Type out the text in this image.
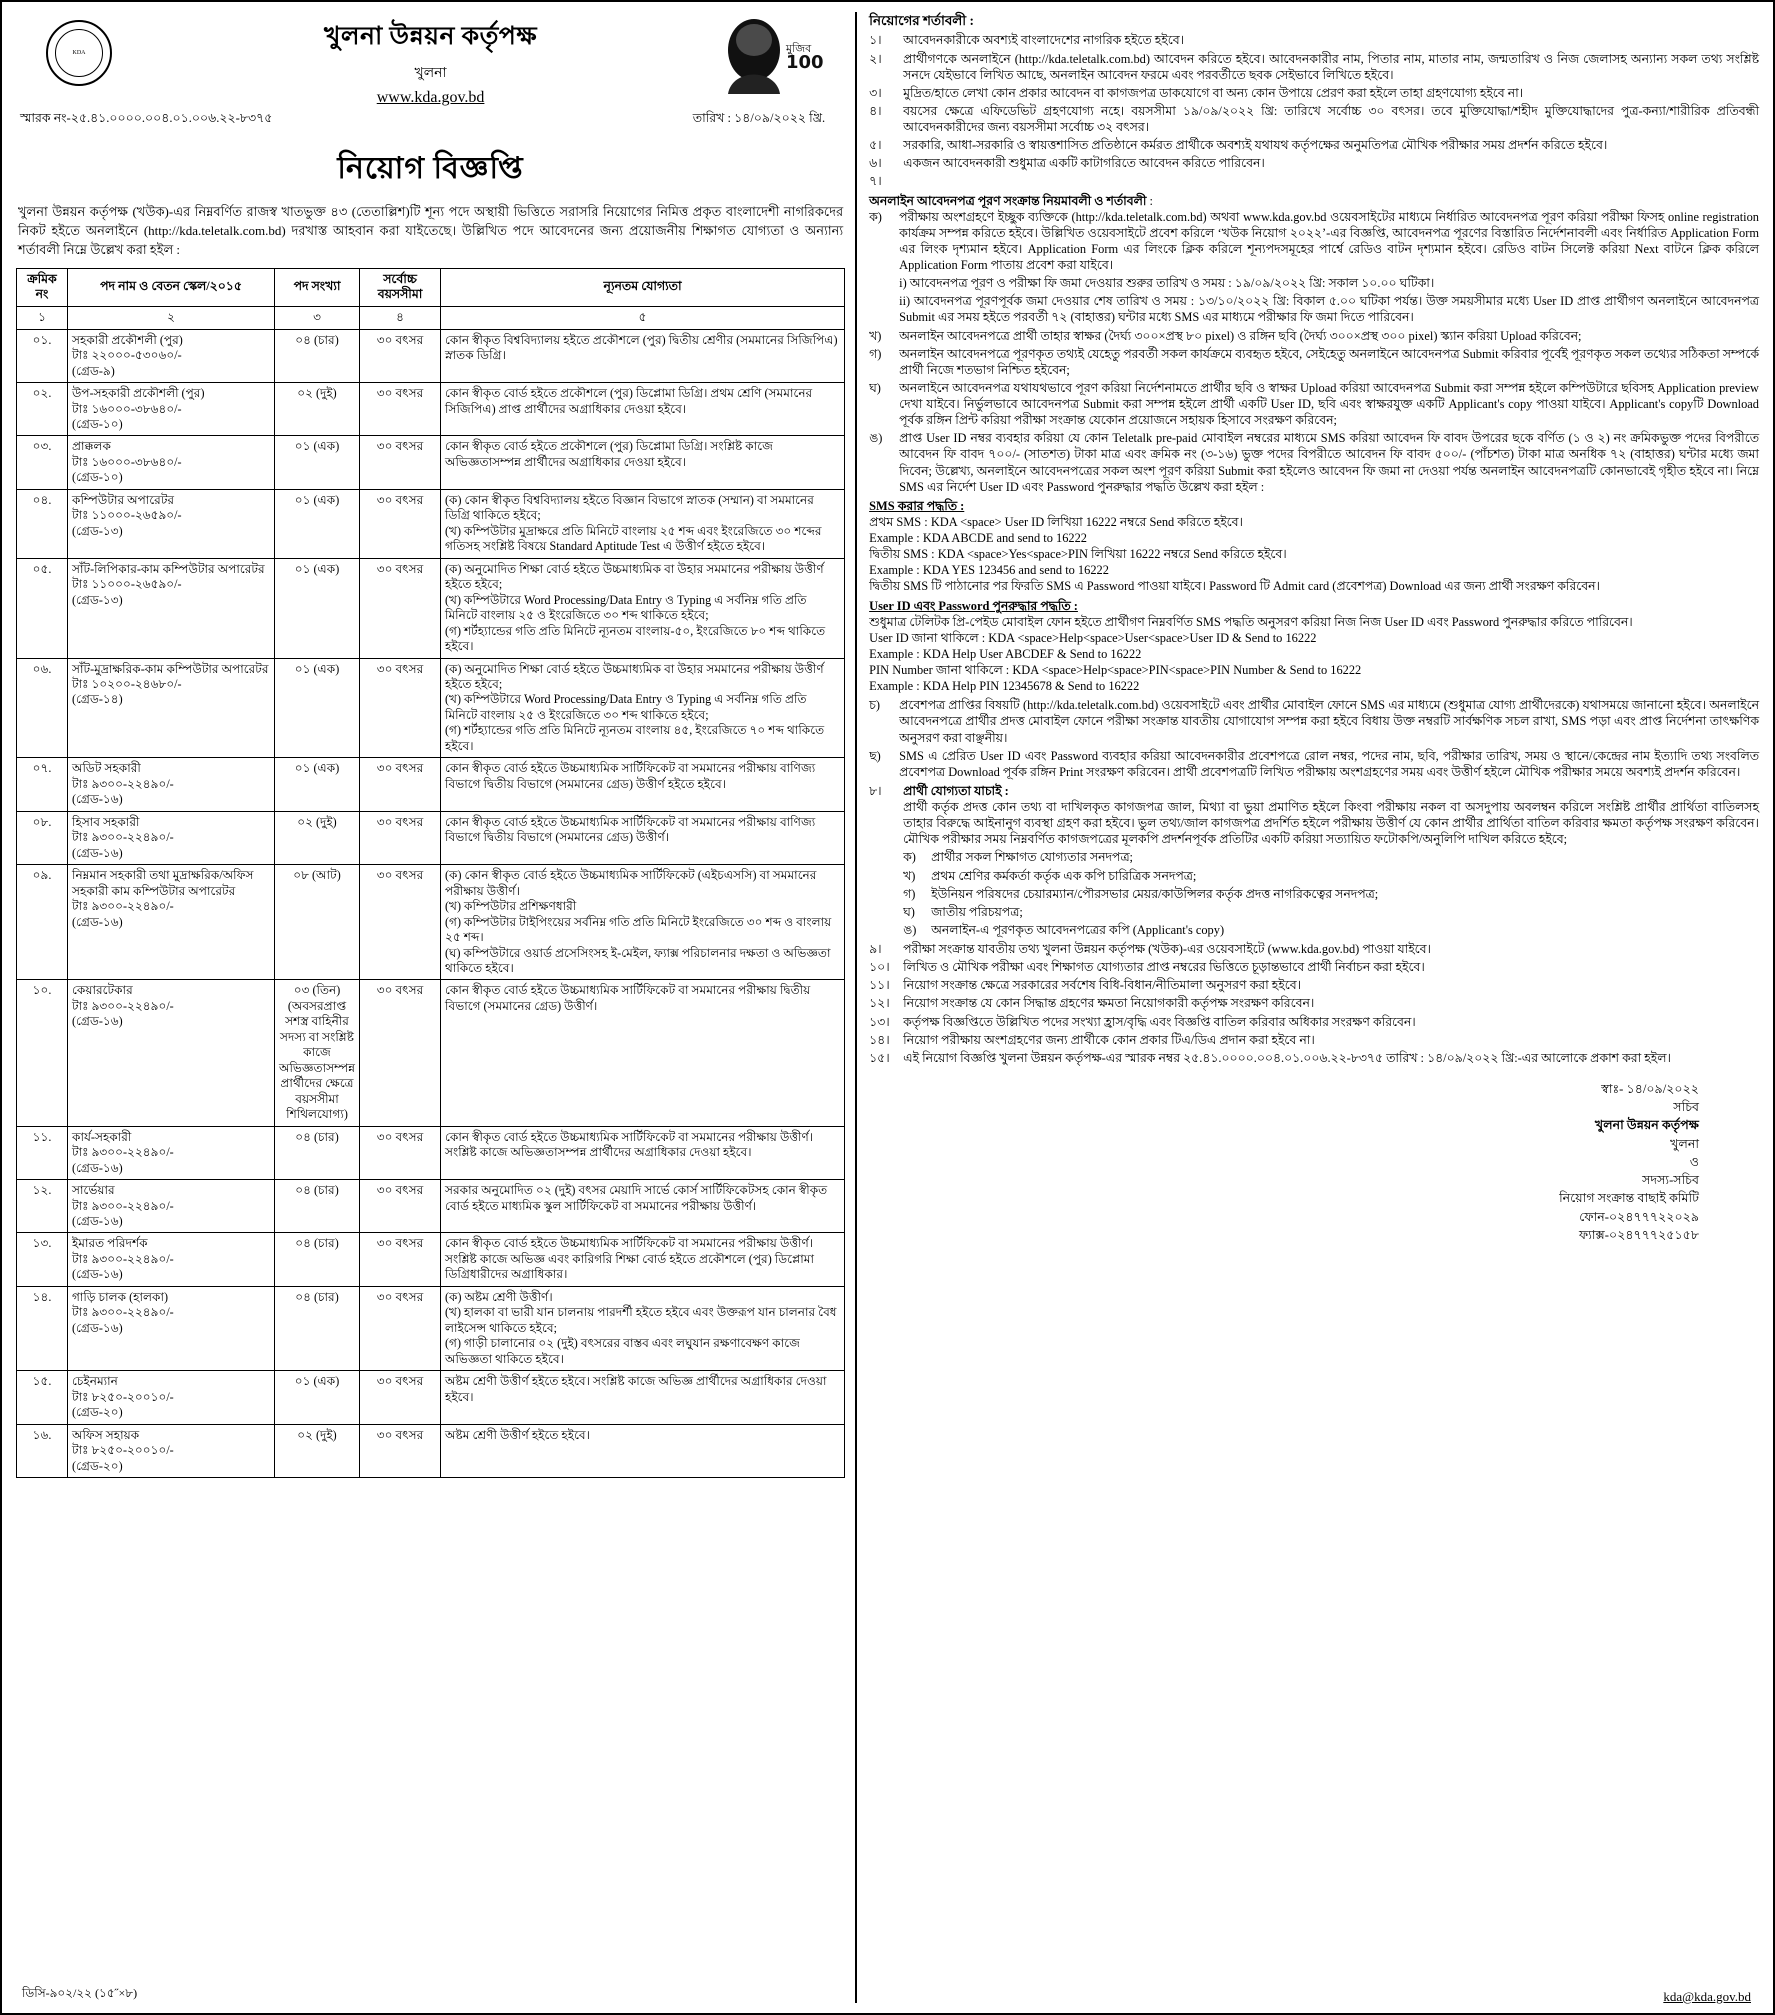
KDA
খুলনা উন্নয়ন কর্তৃপক্ষ
খুলনা
www.kda.gov.bd
মুজিব
100
স্মারক নং-২৫.৪১.০০০০.০০৪.০১.০০৬.২২-৮৩৭৫	তারিখ : ১৪/০৯/২০২২ খ্রি.
নিয়োগ বিজ্ঞপ্তি
খুলনা উন্নয়ন কর্তৃপক্ষ (খউক)-এর নিম্নবর্ণিত রাজস্ব খাতভুক্ত ৪৩ (তেতাল্লিশ)টি শূন্য পদে অস্থায়ী ভিত্তিতে সরাসরি নিয়োগের নিমিত্ত প্রকৃত বাংলাদেশী নাগরিকদের নিকট হইতে অনলাইনে (http://kda.teletalk.com.bd) দরখাস্ত আহবান করা যাইতেছে। উল্লিখিত পদে আবেদনের জন্য প্রয়োজনীয় শিক্ষাগত যোগ্যতা ও অন্যান্য শর্তাবলী নিম্নে উল্লেখ করা হইল :
ক্রমিক নং	পদ নাম ও বেতন স্কেল/২০১৫	পদ সংখ্যা	সর্বোচ্চ বয়সসীমা	ন্যূনতম যোগ্যতা
১	২	৩	৪	৫
০১.	সহকারী প্রকৌশলী (পুর)
টাঃ ২২০০০-৫৩০৬০/-
(গ্রেড-৯)	০৪ (চার)	৩০ বৎসর	কোন স্বীকৃত বিশ্ববিদ্যালয় হইতে প্রকৌশলে (পুর) দ্বিতীয় শ্রেণীর (সমমানের সিজিপিএ) স্নাতক ডিগ্রি।
০২.	উপ-সহকারী প্রকৌশলী (পুর)
টাঃ ১৬০০০-৩৮৬৪০/-
(গ্রেড-১০)	০২ (দুই)	৩০ বৎসর	কোন স্বীকৃত বোর্ড হইতে প্রকৌশলে (পুর) ডিপ্লোমা ডিগ্রি। প্রথম শ্রেণি (সমমানের সিজিপিএ) প্রাপ্ত প্রার্থীদের অগ্রাধিকার দেওয়া হইবে।
০৩.	প্রাক্কলক
টাঃ ১৬০০০-৩৮৬৪০/-
(গ্রেড-১০)	০১ (এক)	৩০ বৎসর	কোন স্বীকৃত বোর্ড হইতে প্রকৌশলে (পুর) ডিপ্লোমা ডিগ্রি। সংশ্লিষ্ট কাজে অভিজ্ঞতাসম্পন্ন প্রার্থীদের অগ্রাধিকার দেওয়া হইবে।
০৪.	কম্পিউটার অপারেটর
টাঃ ১১০০০-২৬৫৯০/-
(গ্রেড-১৩)	০১ (এক)	৩০ বৎসর	(ক) কোন স্বীকৃত বিশ্ববিদ্যালয় হইতে বিজ্ঞান বিভাগে স্নাতক (সম্মান) বা সমমানের ডিগ্রি থাকিতে হইবে;
(খ) কম্পিউটার মুদ্রাক্ষরে প্রতি মিনিটে বাংলায় ২৫ শব্দ এবং ইংরেজিতে ৩০ শব্দের গতিসহ সংশ্লিষ্ট বিষয়ে Standard Aptitude Test এ উত্তীর্ণ হইতে হইবে।
০৫.	সাঁট-লিপিকার-কাম কম্পিউটার অপারেটর
টাঃ ১১০০০-২৬৫৯০/-
(গ্রেড-১৩)	০১ (এক)	৩০ বৎসর	(ক) অনুমোদিত শিক্ষা বোর্ড হইতে উচ্চমাধ্যমিক বা উহার সমমানের পরীক্ষায় উত্তীর্ণ হইতে হইবে;
(খ) কম্পিউটারে Word Processing/Data Entry ও Typing এ সর্বনিম্ন গতি প্রতি মিনিটে বাংলায় ২৫ ও ইংরেজিতে ৩০ শব্দ থাকিতে হইবে;
(গ) শর্টহ্যান্ডের গতি প্রতি মিনিটে ন্যূনতম বাংলায়-৫০, ইংরেজিতে ৮০ শব্দ থাকিতে হইবে।
০৬.	সাঁট-মুদ্রাক্ষরিক-কাম কম্পিউটার অপারেটর
টাঃ ১০২০০-২৪৬৮০/-
(গ্রেড-১৪)	০১ (এক)	৩০ বৎসর	(ক) অনুমোদিত শিক্ষা বোর্ড হইতে উচ্চমাধ্যমিক বা উহার সমমানের পরীক্ষায় উত্তীর্ণ হইতে হইবে;
(খ) কম্পিউটারে Word Processing/Data Entry ও Typing এ সর্বনিম্ন গতি প্রতি মিনিটে বাংলায় ২৫ ও ইংরেজিতে ৩০ শব্দ থাকিতে হইবে;
(গ) শর্টহ্যান্ডের গতি প্রতি মিনিটে ন্যূনতম বাংলায় ৪৫, ইংরেজিতে ৭০ শব্দ থাকিতে হইবে।
০৭.	অডিট সহকারী
টাঃ ৯৩০০-২২৪৯০/-
(গ্রেড-১৬)	০১ (এক)	৩০ বৎসর	কোন স্বীকৃত বোর্ড হইতে উচ্চমাধ্যমিক সার্টিফিকেট বা সমমানের পরীক্ষায় বাণিজ্য বিভাগে দ্বিতীয় বিভাগে (সমমানের গ্রেড) উত্তীর্ণ হইতে হইবে।
০৮.	হিসাব সহকারী
টাঃ ৯৩০০-২২৪৯০/-
(গ্রেড-১৬)	০২ (দুই)	৩০ বৎসর	কোন স্বীকৃত বোর্ড হইতে উচ্চমাধ্যমিক সার্টিফিকেট বা সমমানের পরীক্ষায় বাণিজ্য বিভাগে দ্বিতীয় বিভাগে (সমমানের গ্রেড) উত্তীর্ণ।
০৯.	নিম্নমান সহকারী তথা মুদ্রাক্ষরিক/অফিস সহকারী কাম কম্পিউটার অপারেটর
টাঃ ৯৩০০-২২৪৯০/-
(গ্রেড-১৬)	০৮ (আট)	৩০ বৎসর	(ক) কোন স্বীকৃত বোর্ড হইতে উচ্চমাধ্যমিক সার্টিফিকেট (এইচএসসি) বা সমমানের পরীক্ষায় উত্তীর্ণ।
(খ) কম্পিউটার প্রশিক্ষণধারী
(গ) কম্পিউটার টাইপিংয়ের সর্বনিম্ন গতি প্রতি মিনিটে ইংরেজিতে ৩০ শব্দ ও বাংলায় ২৫ শব্দ।
(ঘ) কম্পিউটারে ওয়ার্ড প্রসেসিংসহ ই-মেইল, ফ্যাক্স পরিচালনার দক্ষতা ও অভিজ্ঞতা থাকিতে হইবে।
১০.	কেয়ারটেকার
টাঃ ৯৩০০-২২৪৯০/-
(গ্রেড-১৬)	০৩ (তিন)
(অবসরপ্রাপ্ত সশস্ত্র বাহিনীর সদস্য বা সংশ্লিষ্ট কাজে অভিজ্ঞতাসম্পন্ন প্রার্থীদের ক্ষেত্রে বয়সসীমা শিথিলযোগ্য)	৩০ বৎসর	কোন স্বীকৃত বোর্ড হইতে উচ্চমাধ্যমিক সার্টিফিকেট বা সমমানের পরীক্ষায় দ্বিতীয় বিভাগে (সমমানের গ্রেড) উত্তীর্ণ।
১১.	কার্য-সহকারী
টাঃ ৯৩০০-২২৪৯০/-
(গ্রেড-১৬)	০৪ (চার)	৩০ বৎসর	কোন স্বীকৃত বোর্ড হইতে উচ্চমাধ্যমিক সার্টিফিকেট বা সমমানের পরীক্ষায় উত্তীর্ণ। সংশ্লিষ্ট কাজে অভিজ্ঞতাসম্পন্ন প্রার্থীদের অগ্রাধিকার দেওয়া হইবে।
১২.	সার্ভেয়ার
টাঃ ৯৩০০-২২৪৯০/-
(গ্রেড-১৬)	০৪ (চার)	৩০ বৎসর	সরকার অনুমোদিত ০২ (দুই) বৎসর মেয়াদি সার্ভে কোর্স সার্টিফিকেটসহ কোন স্বীকৃত বোর্ড হইতে মাধ্যমিক স্কুল সার্টিফিকেট বা সমমানের পরীক্ষায় উত্তীর্ণ।
১৩.	ইমারত পরিদর্শক
টাঃ ৯৩০০-২২৪৯০/-
(গ্রেড-১৬)	০৪ (চার)	৩০ বৎসর	কোন স্বীকৃত বোর্ড হইতে উচ্চমাধ্যমিক সার্টিফিকেট বা সমমানের পরীক্ষায় উত্তীর্ণ। সংশ্লিষ্ট কাজে অভিজ্ঞ এবং কারিগরি শিক্ষা বোর্ড হইতে প্রকৌশলে (পুর) ডিপ্লোমা ডিগ্রিধারীদের অগ্রাধিকার।
১৪.	গাড়ি চালক (হালকা)
টাঃ ৯৩০০-২২৪৯০/-
(গ্রেড-১৬)	০৪ (চার)	৩০ বৎসর	(ক) অষ্টম শ্রেণী উত্তীর্ণ।
(খ) হালকা বা ভারী যান চালনায় পারদর্শী হইতে হইবে এবং উক্তরূপ যান চালনার বৈধ লাইসেন্স থাকিতে হইবে;
(গ) গাড়ী চালানোর ০২ (দুই) বৎসরের বাস্তব এবং লঘুযান রক্ষণাবেক্ষণ কাজে অভিজ্ঞতা থাকিতে হইবে।
১৫.	চেইনম্যান
টাঃ ৮২৫০-২০০১০/-
(গ্রেড-২০)	০১ (এক)	৩০ বৎসর	অষ্টম শ্রেণী উত্তীর্ণ হইতে হইবে। সংশ্লিষ্ট কাজে অভিজ্ঞ প্রার্থীদের অগ্রাধিকার দেওয়া হইবে।
১৬.	অফিস সহায়ক
টাঃ ৮২৫০-২০০১০/-
(গ্রেড-২০)	০২ (দুই)	৩০ বৎসর	অষ্টম শ্রেণী উত্তীর্ণ হইতে হইবে।
নিয়োগের শর্তাবলী :
১।	আবেদনকারীকে অবশ্যই বাংলাদেশের নাগরিক হইতে হইবে।
২।	প্রার্থীগণকে অনলাইনে (http://kda.teletalk.com.bd) আবেদন করিতে হইবে। আবেদনকারীর নাম, পিতার নাম, মাতার নাম, জন্মতারিখ ও নিজ জেলাসহ অন্যান্য সকল তথ্য সংশ্লিষ্ট সনদে যেইভাবে লিখিত আছে, অনলাইন আবেদন ফরমে এবং পরবর্তীতে ছবক সেইভাবে লিখিতে হইবে।
৩।	মুদ্রিত/হাতে লেখা কোন প্রকার আবেদন বা কাগজপত্র ডাকযোগে বা অন্য কোন উপায়ে প্রেরণ করা হইলে তাহা গ্রহণযোগ্য হইবে না।
৪।	বয়সের ক্ষেত্রে এফিডেভিট গ্রহণযোগ্য নহে। বয়সসীমা ১৯/০৯/২০২২ খ্রি: তারিখে সর্বোচ্চ ৩০ বৎসর। তবে মুক্তিযোদ্ধা/শহীদ মুক্তিযোদ্ধাদের পুত্র-কন্যা/শারীরিক প্রতিবন্ধী আবেদনকারীদের জন্য বয়সসীমা সর্বোচ্চ ৩২ বৎসর।
৫।	সরকারি, আধা-সরকারি ও স্বায়ত্তশাসিত প্রতিষ্ঠানে কর্মরত প্রার্থীকে অবশ্যই যথাযথ কর্তৃপক্ষের অনুমতিপত্র মৌখিক পরীক্ষার সময় প্রদর্শন করিতে হইবে।
৬।	একজন আবেদনকারী শুধুমাত্র একটি কাটাগরিতে আবেদন করিতে পারিবেন।
৭।
অনলাইন আবেদনপত্র পূরণ সংক্রান্ত নিয়মাবলী ও শর্তাবলী :
ক)	পরীক্ষায় অংশগ্রহণে ইচ্ছুক ব্যক্তিকে (http://kda.teletalk.com.bd) অথবা www.kda.gov.bd ওয়েবসাইটের মাধ্যমে নির্ধারিত আবেদনপত্র পূরণ করিয়া পরীক্ষা ফিসহ online registration কার্যক্রম সম্পন্ন করিতে হইবে। উল্লিখিত ওয়েবসাইটে প্রবেশ করিলে ‘খউক নিয়োগ ২০২২’-এর বিজ্ঞপ্তি, আবেদনপত্র পূরণের বিস্তারিত নির্দেশনাবলী এবং নির্ধারিত Application Form এর লিংক দৃশ্যমান হইবে। Application Form এর লিংকে ক্লিক করিলে শূন্যপদসমূহের পার্শ্বে রেডিও বাটন দৃশ্যমান হইবে। রেডিও বাটন সিলেক্ট করিয়া Next বাটনে ক্লিক করিলে Application Form পাতায় প্রবেশ করা যাইবে।
i) আবেদনপত্র পূরণ ও পরীক্ষা ফি জমা দেওয়ার শুরুর তারিখ ও সময় : ১৯/০৯/২০২২ খ্রি: সকাল ১০.০০ ঘটিকা।
ii) আবেদনপত্র পূরণপূর্বক জমা দেওয়ার শেষ তারিখ ও সময় : ১৩/১০/২০২২ খ্রি: বিকাল ৫.০০ ঘটিকা পর্যন্ত। উক্ত সময়সীমার মধ্যে User ID প্রাপ্ত প্রার্থীগণ অনলাইনে আবেদনপত্র Submit এর সময় হইতে পরবর্তী ৭২ (বাহাত্তর) ঘন্টার মধ্যে SMS এর মাধ্যমে পরীক্ষার ফি জমা দিতে পারিবেন।
খ)	অনলাইন আবেদনপত্রে প্রার্থী তাহার স্বাক্ষর (দৈর্ঘ্য ৩০০×প্রস্থ ৮০ pixel) ও রঙ্গিন ছবি (দৈর্ঘ্য ৩০০×প্রস্থ ৩০০ pixel) স্ক্যান করিয়া Upload করিবেন;
গ)	অনলাইন আবেদনপত্রে পূরণকৃত তথ্যই যেহেতু পরবর্তী সকল কার্যক্রমে ব্যবহৃত হইবে, সেইহেতু অনলাইনে আবেদনপত্র Submit করিবার পূর্বেই পূরণকৃত সকল তথ্যের সঠিকতা সম্পর্কে প্রার্থী নিজে শতভাগ নিশ্চিত হইবেন;
ঘ)	অনলাইনে আবেদনপত্র যথাযথভাবে পূরণ করিয়া নির্দেশনামতে প্রার্থীর ছবি ও স্বাক্ষর Upload করিয়া আবেদনপত্র Submit করা সম্পন্ন হইলে কম্পিউটারে ছবিসহ Application preview দেখা যাইবে। নির্ভুলভাবে আবেদনপত্র Submit করা সম্পন্ন হইলে প্রার্থী একটি User ID, ছবি এবং স্বাক্ষরযুক্ত একটি Applicant's copy পাওয়া যাইবে। Applicant's copyটি Download পূর্বক রঙ্গিন প্রিন্ট করিয়া পরীক্ষা সংক্রান্ত যেকোন প্রয়োজনে সহায়ক হিসাবে সংরক্ষণ করিবেন;
ঙ)	প্রাপ্ত User ID নম্বর ব্যবহার করিয়া যে কোন Teletalk pre-paid মোবাইল নম্বরের মাধ্যমে SMS করিয়া আবেদন ফি বাবদ উপরের ছকে বর্ণিত (১ ও ২) নং ক্রমিকভুক্ত পদের বিপরীতে আবেদন ফি বাবদ ৭০০/- (সাতশত) টাকা মাত্র এবং ক্রমিক নং (৩-১৬) ভুক্ত পদের বিপরীতে আবেদন ফি বাবদ ৫০০/- (পাঁচশত) টাকা মাত্র অনধিক ৭২ (বাহাত্তর) ঘন্টার মধ্যে জমা দিবেন; উল্লেখ্য, অনলাইনে আবেদনপত্রের সকল অংশ পূরণ করিয়া Submit করা হইলেও আবেদন ফি জমা না দেওয়া পর্যন্ত অনলাইন আবেদনপত্রটি কোনভাবেই গৃহীত হইবে না। নিম্নে SMS এর নির্দেশ User ID এবং Password পুনরুদ্ধার পদ্ধতি উল্লেখ করা হইল :
SMS করার পদ্ধতি :
প্রথম SMS : KDA <space> User ID লিখিয়া 16222 নম্বরে Send করিতে হইবে।
Example : KDA ABCDE and send to 16222
দ্বিতীয় SMS : KDA <space>Yes<space>PIN লিখিয়া 16222 নম্বরে Send করিতে হইবে।
Example : KDA YES 123456 and send to 16222
দ্বিতীয় SMS টি পাঠানোর পর ফিরতি SMS এ Password পাওয়া যাইবে। Password টি Admit card (প্রবেশপত্র) Download এর জন্য প্রার্থী সংরক্ষণ করিবেন।
User ID এবং Password পুনরুদ্ধার পদ্ধতি :
শুধুমাত্র টেলিটক প্রি-পেইড মোবাইল ফোন হইতে প্রার্থীগণ নিম্নবর্ণিত SMS পদ্ধতি অনুসরণ করিয়া নিজ নিজ User ID এবং Password পুনরুদ্ধার করিতে পারিবেন।
User ID জানা থাকিলে : KDA <space>Help<space>User<space>User ID & Send to 16222
Example : KDA Help User ABCDEF & Send to 16222
PIN Number জানা থাকিলে : KDA <space>Help<space>PIN<space>PIN Number & Send to 16222
Example : KDA Help PIN 12345678 & Send to 16222
চ)	প্রবেশপত্র প্রাপ্তির বিষয়টি (http://kda.teletalk.com.bd) ওয়েবসাইটে এবং প্রার্থীর মোবাইল ফোনে SMS এর মাধ্যমে (শুধুমাত্র যোগ্য প্রার্থীদেরকে) যথাসময়ে জানানো হইবে। অনলাইনে আবেদনপত্রে প্রার্থীর প্রদত্ত মোবাইল ফোনে পরীক্ষা সংক্রান্ত যাবতীয় যোগাযোগ সম্পন্ন করা হইবে বিধায় উক্ত নম্বরটি সার্বক্ষণিক সচল রাখা, SMS পড়া এবং প্রাপ্ত নির্দেশনা তাৎক্ষণিক অনুসরণ করা বাঞ্ছনীয়।
ছ)	SMS এ প্রেরিত User ID এবং Password ব্যবহার করিয়া আবেদনকারীর প্রবেশপত্রে রোল নম্বর, পদের নাম, ছবি, পরীক্ষার তারিখ, সময় ও স্থানে/কেন্দ্রের নাম ইত্যাদি তথ্য সংবলিত প্রবেশপত্র Download পূর্বক রঙ্গিন Print সংরক্ষণ করিবেন। প্রার্থী প্রবেশপত্রটি লিখিত পরীক্ষায় অংশগ্রহণের সময় এবং উত্তীর্ণ হইলে মৌখিক পরীক্ষার সময়ে অবশ্যই প্রদর্শন করিবেন।
৮।	প্রার্থী যোগ্যতা যাচাই :
প্রার্থী কর্তৃক প্রদত্ত কোন তথ্য বা দাখিলকৃত কাগজপত্র জাল, মিথ্যা বা ভুয়া প্রমাণিত হইলে কিংবা পরীক্ষায় নকল বা অসদুপায় অবলম্বন করিলে সংশ্লিষ্ট প্রার্থীর প্রার্থিতা বাতিলসহ তাহার বিরুদ্ধে আইনানুগ ব্যবস্থা গ্রহণ করা হইবে। ভুল তথ্য/জাল কাগজপত্র প্রদর্শিত হইলে পরীক্ষায় উত্তীর্ণ যে কোন প্রার্থীর প্রার্থিতা বাতিল করিবার ক্ষমতা কর্তৃপক্ষ সংরক্ষণ করিবেন। মৌখিক পরীক্ষার সময় নিম্নবর্ণিত কাগজপত্রের মূলকপি প্রদর্শনপূর্বক প্রতিটির একটি করিয়া সত্যায়িত ফটোকপি/অনুলিপি দাখিল করিতে হইবে;
ক)	প্রার্থীর সকল শিক্ষাগত যোগ্যতার সনদপত্র;
খ)	প্রথম শ্রেণির কর্মকর্তা কর্তৃক এক কপি চারিত্রিক সনদপত্র;
গ)	ইউনিয়ন পরিষদের চেয়ারম্যান/পৌরসভার মেয়র/কাউন্সিলর কর্তৃক প্রদত্ত নাগরিকত্বের সনদপত্র;
ঘ)	জাতীয় পরিচয়পত্র;
ঙ)	অনলাইন-এ পূরণকৃত আবেদনপত্রের কপি (Applicant's copy)
৯।	পরীক্ষা সংক্রান্ত যাবতীয় তথ্য খুলনা উন্নয়ন কর্তৃপক্ষ (খউক)-এর ওয়েবসাইটে (www.kda.gov.bd) পাওয়া যাইবে।
১০।	লিখিত ও মৌখিক পরীক্ষা এবং শিক্ষাগত যোগ্যতার প্রাপ্ত নম্বরের ভিত্তিতে চূড়ান্তভাবে প্রার্থী নির্বাচন করা হইবে।
১১।	নিয়োগ সংক্রান্ত ক্ষেত্রে সরকারের সর্বশেষ বিধি-বিধান/নীতিমালা অনুসরণ করা হইবে।
১২।	নিয়োগ সংক্রান্ত যে কোন সিদ্ধান্ত গ্রহণের ক্ষমতা নিয়োগকারী কর্তৃপক্ষ সংরক্ষণ করিবেন।
১৩।	কর্তৃপক্ষ বিজ্ঞপ্তিতে উল্লিখিত পদের সংখ্যা হ্রাস/বৃদ্ধি এবং বিজ্ঞপ্তি বাতিল করিবার অধিকার সংরক্ষণ করিবেন।
১৪।	নিয়োগ পরীক্ষায় অংশগ্রহণের জন্য প্রার্থীকে কোন প্রকার টিএ/ডিএ প্রদান করা হইবে না।
১৫।	এই নিয়োগ বিজ্ঞপ্তি খুলনা উন্নয়ন কর্তৃপক্ষ-এর স্মারক নম্বর ২৫.৪১.০০০০.০০৪.০১.০০৬.২২-৮৩৭৫ তারিখ : ১৪/০৯/২০২২ খ্রি:-এর আলোকে প্রকাশ করা হইল।
স্বাঃ- ১৪/০৯/২০২২
সচিব
খুলনা উন্নয়ন কর্তৃপক্ষ
খুলনা
ও
সদস্য-সচিব
নিয়োগ সংক্রান্ত বাছাই কমিটি
ফোন-০২৪৭৭৭২২০২৯
ফ্যাক্স-০২৪৭৭৭২৫১৫৮
ডিসি-৯০২/২২ (১৫˝×৮)	kda@kda.gov.bd
